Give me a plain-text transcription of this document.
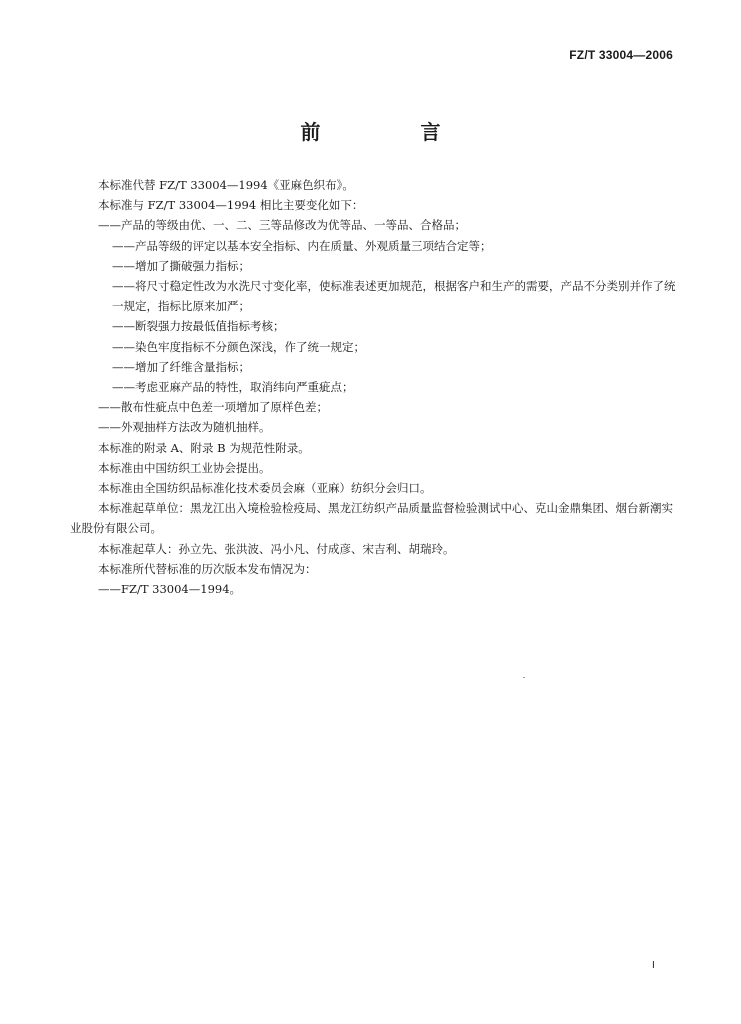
FZ/T 33004—2006
前　言
本标准代替 FZ/T 33004—1994《亚麻色织布》。
本标准与 FZ/T 33004—1994 相比主要变化如下：
——产品的等级由优、一、二、三等品修改为优等品、一等品、合格品；
——产品等级的评定以基本安全指标、内在质量、外观质量三项结合定等；
——增加了撕破强力指标；
——将尺寸稳定性改为水洗尺寸变化率，使标准表述更加规范，根据客户和生产的需要，产品不分类别并作了统一规定，指标比原来加严；
——断裂强力按最低值指标考核；
——染色牢度指标不分颜色深浅，作了统一规定；
——增加了纤维含量指标；
——考虑亚麻产品的特性，取消纬向严重疵点；
——散布性疵点中色差一项增加了原样色差；
——外观抽样方法改为随机抽样。
本标准的附录 A、附录 B 为规范性附录。
本标准由中国纺织工业协会提出。
本标准由全国纺织品标准化技术委员会麻（亚麻）纺织分会归口。
本标准起草单位：黑龙江出入境检验检疫局、黑龙江纺织产品质量监督检验测试中心、克山金鼎集团、烟台新潮实业股份有限公司。
本标准起草人：孙立先、张洪波、冯小凡、付成彦、宋吉利、胡瑞玲。
本标准所代替标准的历次版本发布情况为：
——FZ/T 33004—1994。
I
